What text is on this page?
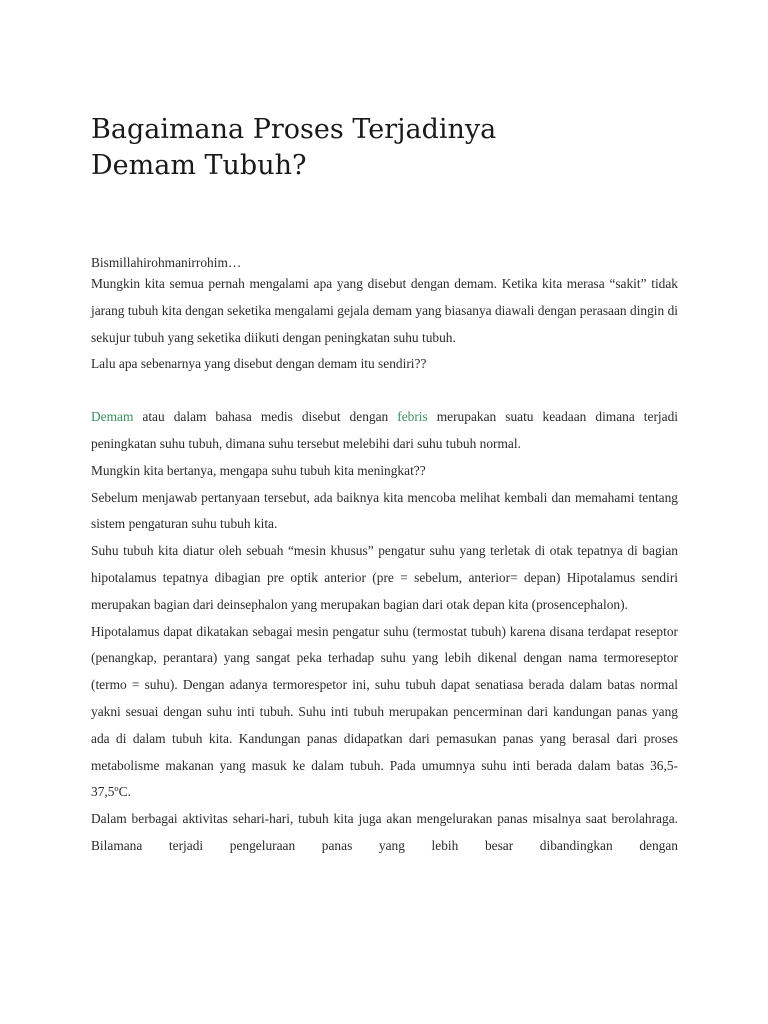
Bagaimana Proses Terjadinya
Demam Tubuh?

Bismillahirohmanirrohim…

Mungkin kita semua pernah mengalami apa yang disebut dengan demam. Ketika kita merasa “sakit” tidak jarang tubuh kita dengan seketika mengalami gejala demam yang biasanya diawali dengan perasaan dingin di sekujur tubuh yang seketika diikuti dengan peningkatan suhu tubuh.

Lalu apa sebenarnya yang disebut dengan demam itu sendiri??

Demam atau dalam bahasa medis disebut dengan febris merupakan suatu keadaan dimana terjadi peningkatan suhu tubuh, dimana suhu tersebut melebihi dari suhu tubuh normal.

Mungkin kita bertanya, mengapa suhu tubuh kita meningkat??

Sebelum menjawab pertanyaan tersebut, ada baiknya kita mencoba melihat kembali dan memahami tentang sistem pengaturan suhu tubuh kita.

Suhu tubuh kita diatur oleh sebuah “mesin khusus” pengatur suhu yang terletak di otak tepatnya di bagian hipotalamus tepatnya dibagian pre optik anterior (pre = sebelum, anterior= depan) Hipotalamus sendiri merupakan bagian dari deinsephalon yang merupakan bagian dari otak depan kita (prosencephalon).

Hipotalamus dapat dikatakan sebagai mesin pengatur suhu (termostat tubuh) karena disana terdapat reseptor (penangkap, perantara) yang sangat peka terhadap suhu yang lebih dikenal dengan nama termoreseptor (termo = suhu). Dengan adanya termorespetor ini, suhu tubuh dapat senatiasa berada dalam batas normal yakni sesuai dengan suhu inti tubuh. Suhu inti tubuh merupakan pencerminan dari kandungan panas yang ada di dalam tubuh kita. Kandungan panas didapatkan dari pemasukan panas yang berasal dari proses metabolisme makanan yang masuk ke dalam tubuh. Pada umumnya suhu inti berada dalam batas 36,5-37,5ºC.

Dalam berbagai aktivitas sehari-hari, tubuh kita juga akan mengelurakan panas misalnya saat berolahraga. Bilamana terjadi pengeluraan panas yang lebih besar dibandingkan dengan
